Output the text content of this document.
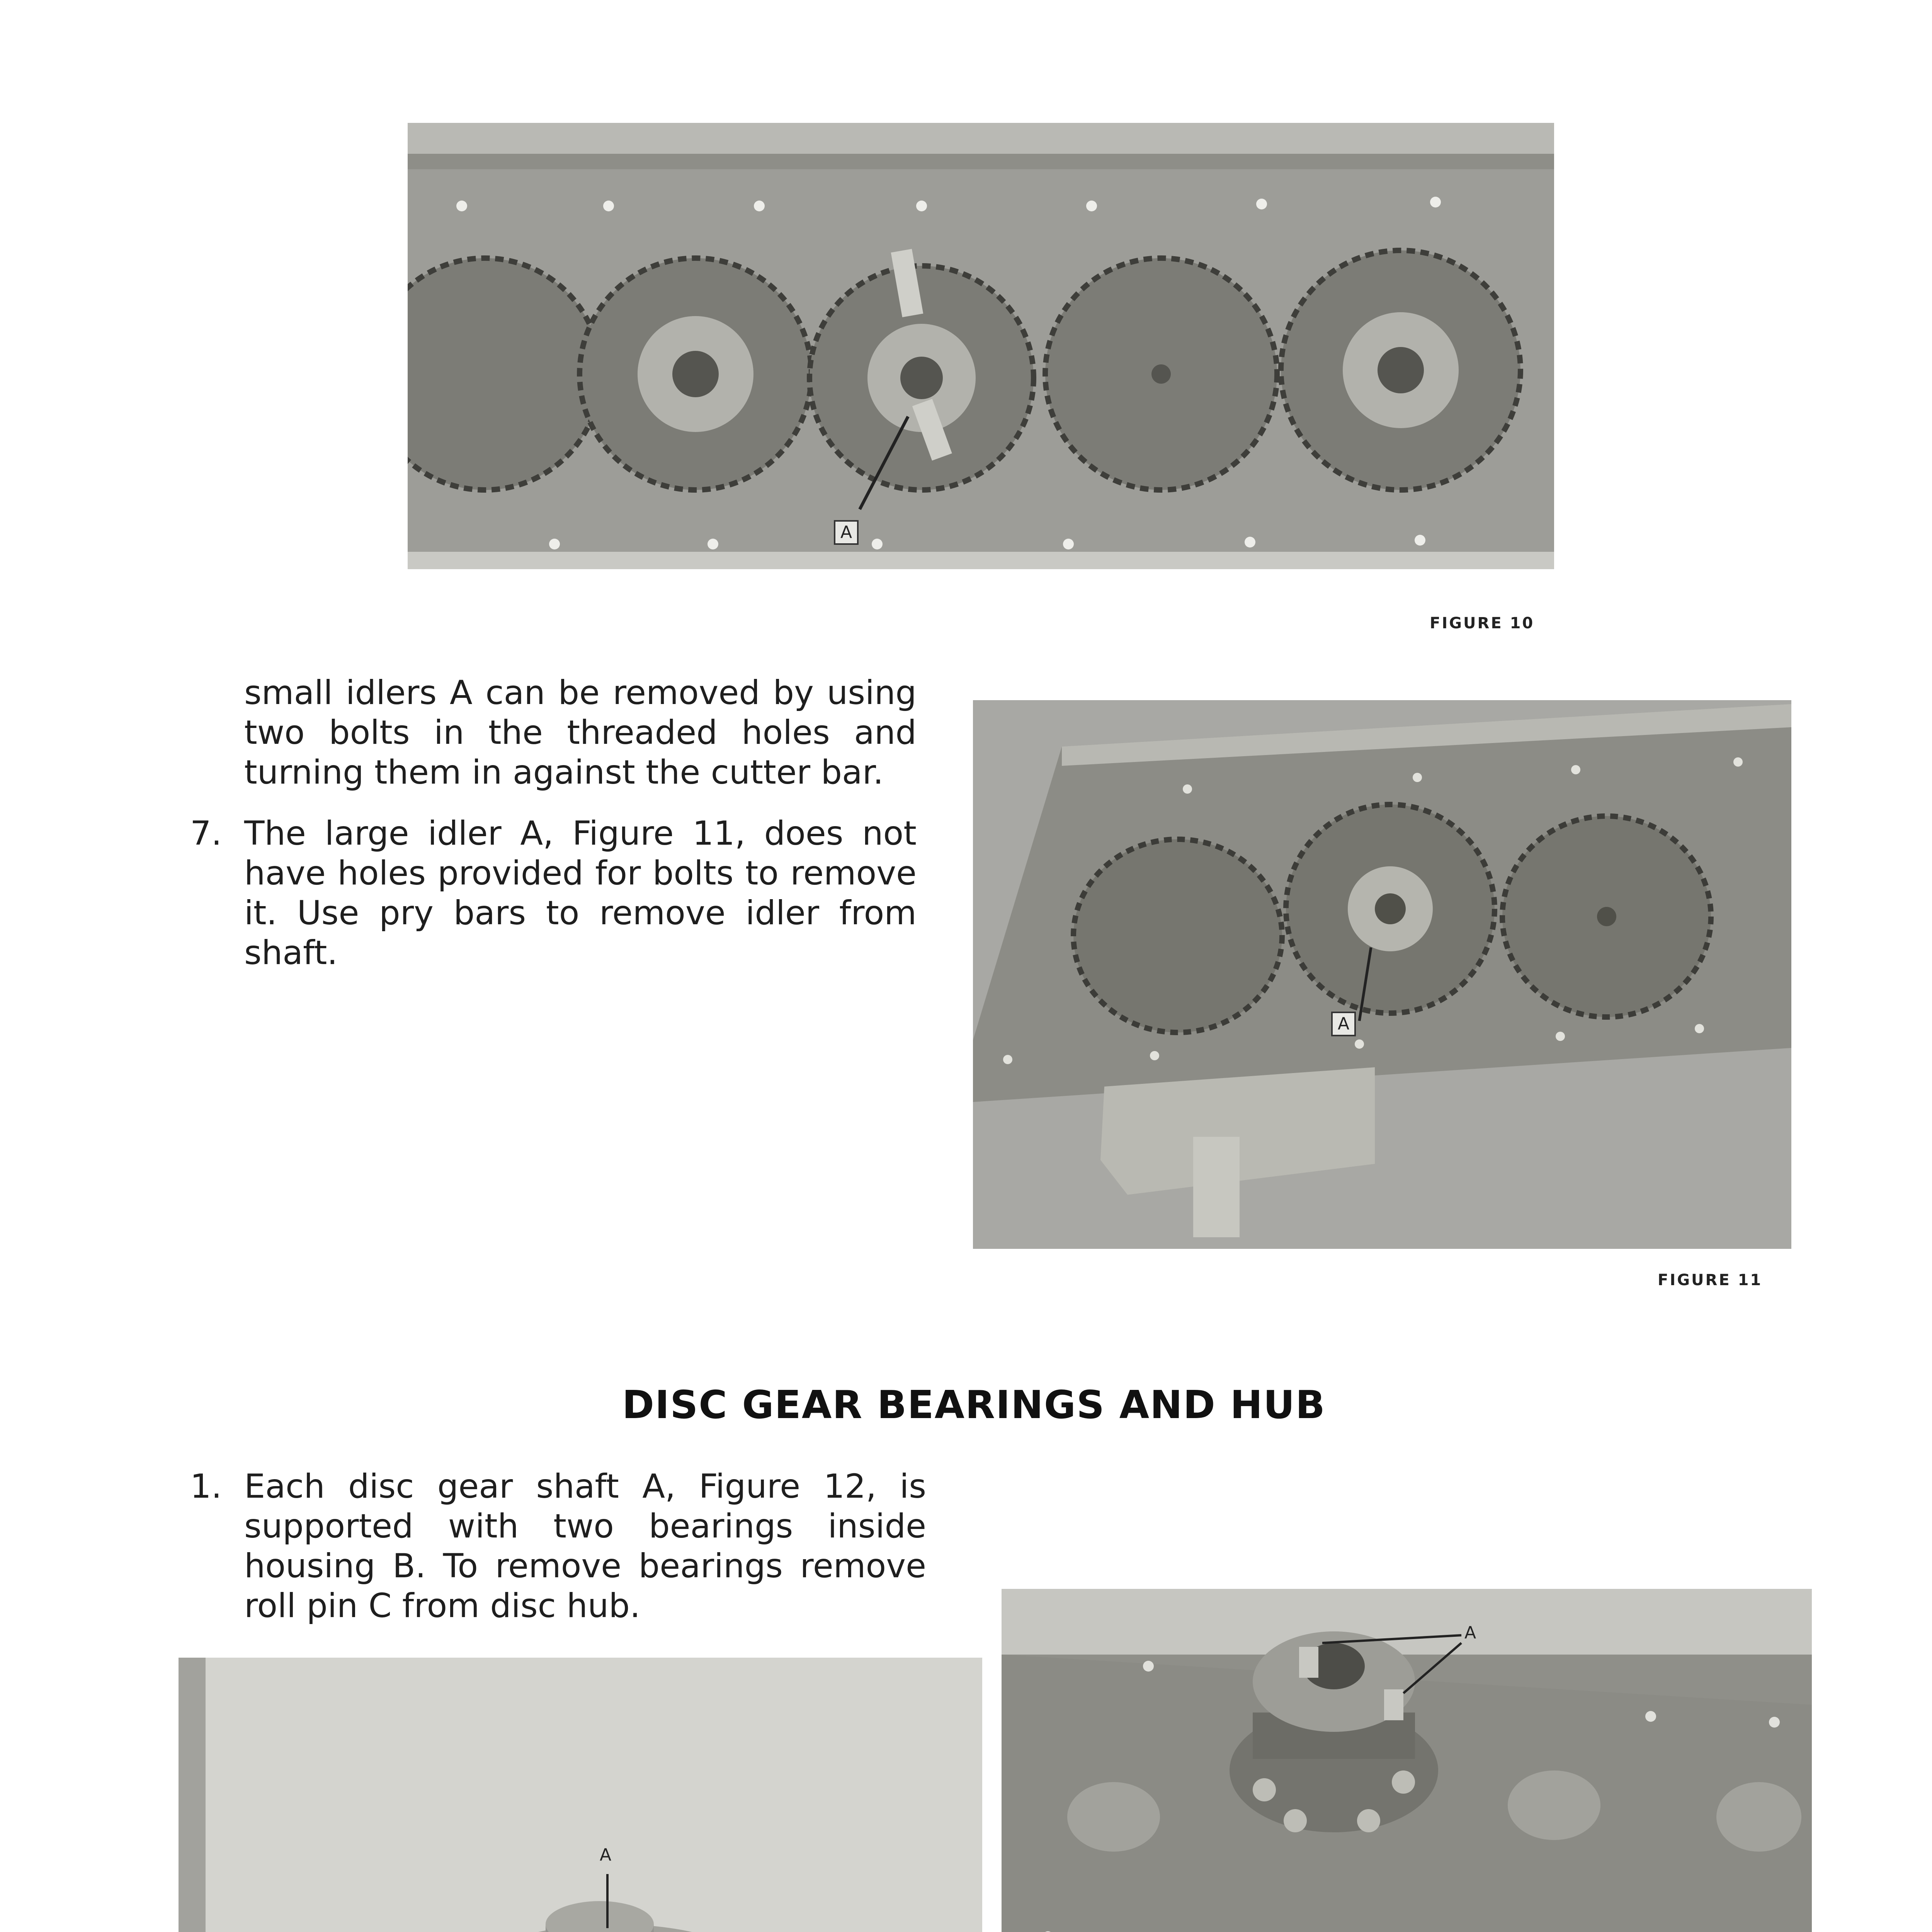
A
FIGURE 10

small idlers A can be removed by using two bolts in the threaded holes and turning them in against the cutter bar.

7. The large idler A, Figure 11, does not have holes provided for bolts to remove it. Use pry bars to remove idler from shaft.

A
FIGURE 11
DISC GEAR BEARINGS AND HUB
1. Each disc gear shaft A, Figure 12, is supported with two bearings inside housing B. To remove bearings remove roll pin C from disc hub.

A
A
